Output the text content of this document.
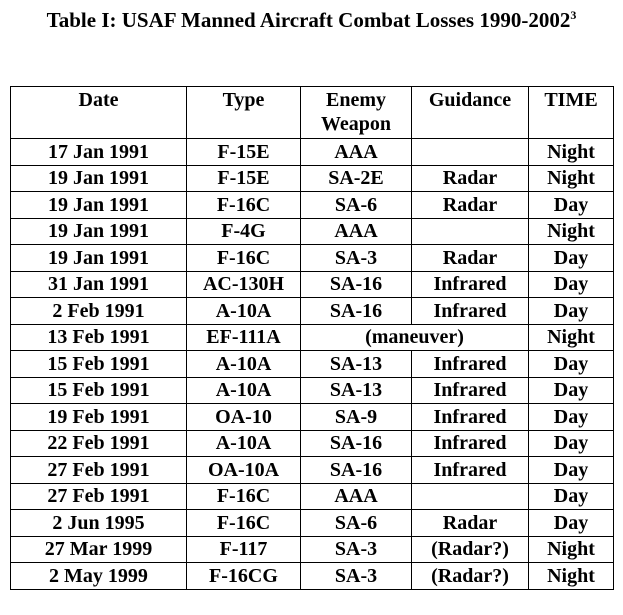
Table I: USAF Manned Aircraft Combat Losses 1990-2002$^3$
Date	Type	Enemy Weapon	Guidance	TIME
17 Jan 1991	F-15E	AAA		Night
19 Jan 1991	F-15E	SA-2E	Radar	Night
19 Jan 1991	F-16C	SA-6	Radar	Day
19 Jan 1991	F-4G	AAA		Night
19 Jan 1991	F-16C	SA-3	Radar	Day
31 Jan 1991	AC-130H	SA-16	Infrared	Day
2 Feb 1991	A-10A	SA-16	Infrared	Day
13 Feb 1991	EF-111A	(maneuver)		Night
15 Feb 1991	A-10A	SA-13	Infrared	Day
15 Feb 1991	A-10A	SA-13	Infrared	Day
19 Feb 1991	OA-10	SA-9	Infrared	Day
22 Feb 1991	A-10A	SA-16	Infrared	Day
27 Feb 1991	OA-10A	SA-16	Infrared	Day
27 Feb 1991	F-16C	AAA		Day
2 Jun 1995	F-16C	SA-6	Radar	Day
27 Mar 1999	F-117	SA-3	(Radar?)	Night
2 May 1999	F-16CG	SA-3	(Radar?)	Night
